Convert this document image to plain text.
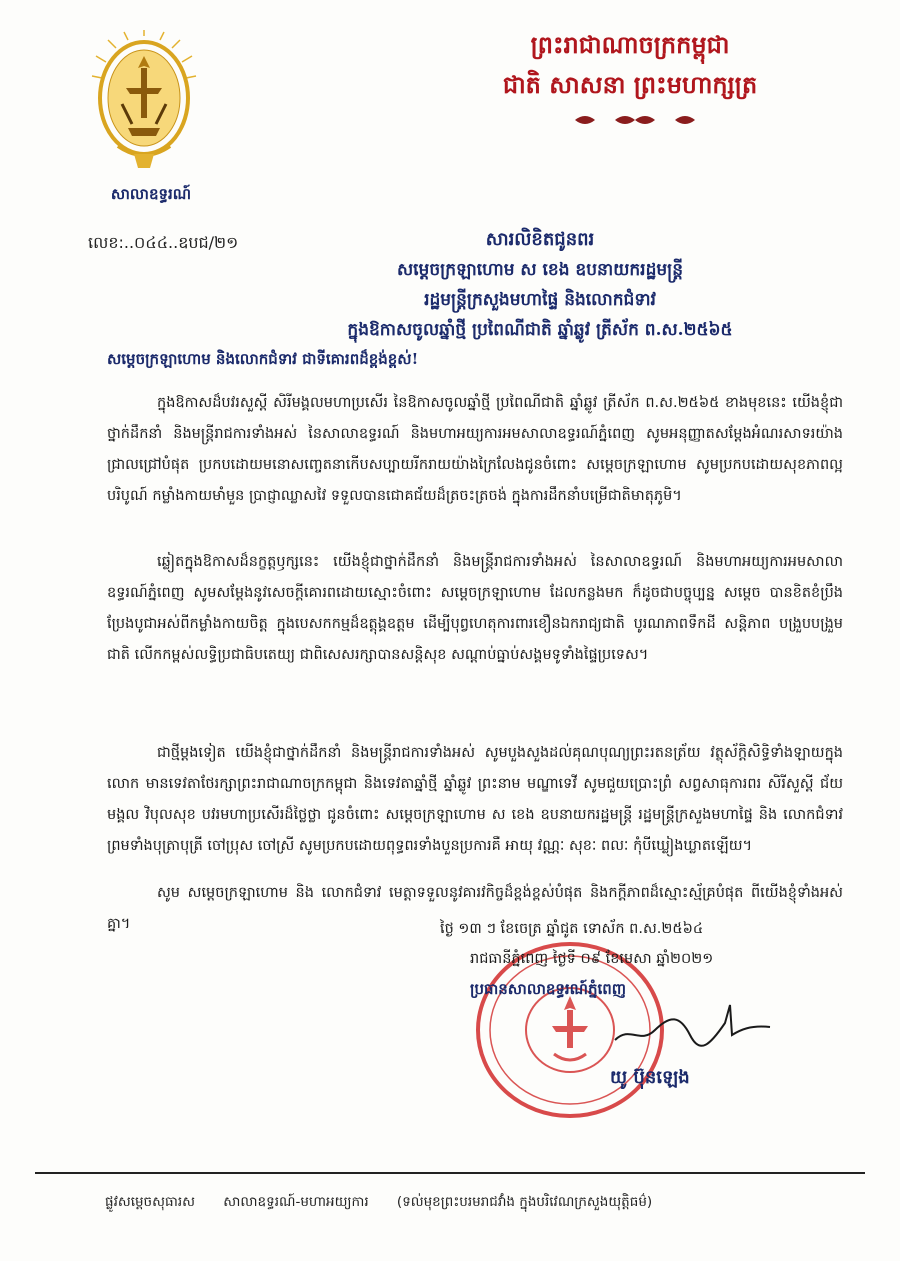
សាលាឧទ្ធរណ៍
លេខ:..០៤៤..ឧបជ/២១
ព្រះរាជាណាចក្រកម្ពុជា
ជាតិ សាសនា ព្រះមហាក្សត្រ
សារលិខិតជូនពរ
សម្ដេចក្រឡាហោម ស ខេង ឧបនាយករដ្ឋមន្ត្រី
រដ្ឋមន្ត្រីក្រសួងមហាផ្ទៃ និងលោកជំទាវ
ក្នុងឱកាសចូលឆ្នាំថ្មី ប្រពៃណីជាតិ ឆ្នាំឆ្លូវ ត្រីស័ក ព.ស.២៥៦៥
សម្ដេចក្រឡាហោម និងលោកជំទាវ ជាទីគោរពដ៏ខ្ពង់ខ្ពស់!
ក្នុងឱកាសដ៏បវរសួស្តី សិរីមង្គលមហាប្រសើរ នៃឱកាសចូលឆ្នាំថ្មី ប្រពៃណីជាតិ ឆ្នាំឆ្លូវ ត្រីស័ក ព.ស.២៥៦៥ ខាងមុខនេះ យើងខ្ញុំជាថ្នាក់ដឹកនាំ និងមន្ត្រីរាជការទាំងអស់ នៃសាលាឧទ្ធរណ៍ និងមហាអយ្យការអមសាលាឧទ្ធរណ៍ភ្នំពេញ សូមអនុញ្ញាតសម្ដែងអំណរសាទរយ៉ាងជ្រាលជ្រៅបំផុត ប្រកបដោយមនោសញ្ចេតនាកើបសប្បាយរីករាយយ៉ាងក្រៃលែងជូនចំពោះ សម្ដេចក្រឡាហោម សូមប្រកបដោយសុខភាពល្អបរិបូណ៍ កម្លាំងកាយមាំមួន ប្រាជ្ញាឈ្លាសវៃ ទទួលបានជោគជ័យដ៏ត្រចះត្រចង់ ក្នុងការដឹកនាំបម្រើជាតិមាតុភូមិ។
ឆ្លៀតក្នុងឱកាសដ៏នក្ខត្តឫក្សនេះ យើងខ្ញុំជាថ្នាក់ដឹកនាំ និងមន្ត្រីរាជការទាំងអស់ នៃសាលាឧទ្ធរណ៍ និងមហាអយ្យការអមសាលាឧទ្ធរណ៍ភ្នំពេញ សូមសម្ដែងនូវសេចក្តីគោរពដោយស្មោះចំពោះ សម្ដេចក្រឡាហោម ដែលកន្លងមក ក៏ដូចជាបច្ចុប្បន្ន សម្ដេច បានខិតខំប្រឹងប្រែងបូជាអស់ពីកម្លាំងកាយចិត្ត ក្នុងបេសកកម្មដ៏ឧត្តុង្គឧត្តម ដើម្បីបុព្វហេតុការពារខឿនឯករាជ្យជាតិ បូរណភាពទឹកដី សន្តិភាព បង្រួបបង្រួមជាតិ លើកកម្ពស់លទ្ធិប្រជាធិបតេយ្យ ជាពិសេសរក្សាបានសន្តិសុខ សណ្ដាប់ធ្នាប់សង្គមទូទាំងផ្ទៃប្រទេស។
ជាថ្មីម្ដងទៀត យើងខ្ញុំជាថ្នាក់ដឹកនាំ និងមន្ត្រីរាជការទាំងអស់ សូមបួងសួងដល់គុណបុណ្យព្រះរតនត្រ័យ វត្ថុស័ក្តិសិទ្ធិទាំងឡាយក្នុងលោក មានទេវតាថែរក្សាព្រះរាជាណាចក្រកម្ពុជា និងទេវតាឆ្នាំថ្មី ឆ្នាំឆ្លូវ ព្រះនាម មណ្ឌាទេវី សូមជួយប្រោះព្រំ សព្វសាធុការពរ សិរីសួស្តី ជ័យមង្គល វិបុលសុខ បវរមហាប្រសើរដ៏ថ្លៃថ្លា ជូនចំពោះ សម្ដេចក្រឡាហោម ស ខេង ឧបនាយករដ្ឋមន្ត្រី រដ្ឋមន្ត្រីក្រសួងមហាផ្ទៃ និង លោកជំទាវ ព្រមទាំងបុត្រាបុត្រី ចៅប្រុស ចៅស្រី សូមប្រកបដោយពុទ្ធពរទាំងបួនប្រការគឺ អាយុ វណ្ណៈ សុខៈ ពលៈ កុំបីឃ្លៀងឃ្លាតឡើយ។
សូម សម្ដេចក្រឡាហោម និង លោកជំទាវ មេត្តាទទួលនូវគារវកិច្ចដ៏ខ្ពង់ខ្ពស់បំផុត និងកក្តីភាពដ៏ស្មោះស្ម័គ្របំផុត ពីយើងខ្ញុំទាំងអស់គ្នា។	ថ្ងៃ ១៣ ៗ ខែចេត្រ ឆ្នាំជូត ទោស័ក ព.ស.២៥៦៤
រាជធានីភ្នំពេញ ថ្ងៃទី ០៩ ខែមេសា ឆ្នាំ២០២១
ប្រធានសាលាឧទ្ធរណ៍ភ្នំពេញ
យូ ប៊ុនឡេង
ផ្លូវសម្ដេចសុធារស សាលាឧទ្ធរណ៍-មហាអយ្យការ (ទល់មុខព្រះបរមរាជវាំង ក្នុងបរិវេណក្រសួងយុត្តិធម៌)
